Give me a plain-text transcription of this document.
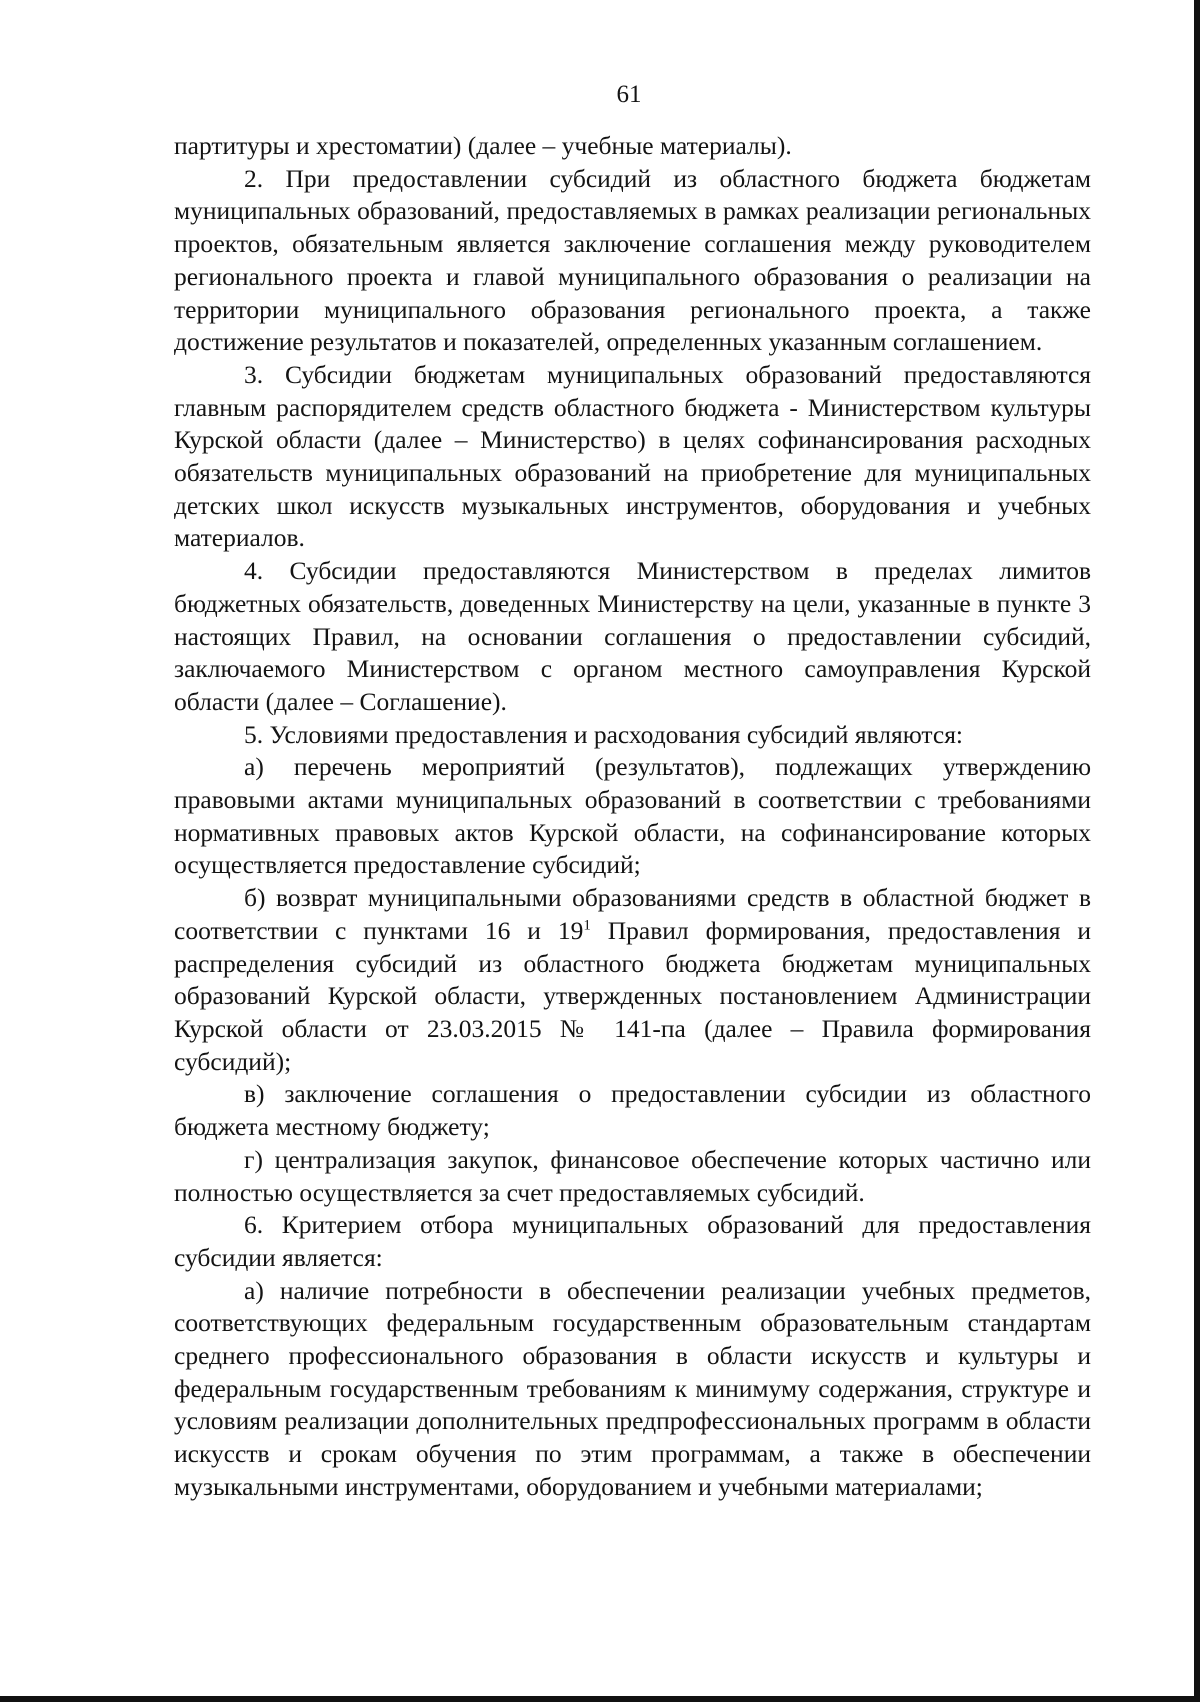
61

партитуры и хрестоматии) (далее – учебные материалы).

2. При предоставлении субсидий из областного бюджета бюджетам муниципальных образований, предоставляемых в рамках реализации региональных проектов, обязательным является заключение соглашения между руководителем регионального проекта и главой муниципального образования о реализации на территории муниципального образования регионального проекта, а также достижение результатов и показателей, определенных указанным соглашением.

3. Субсидии бюджетам муниципальных образований предоставляются главным распорядителем средств областного бюджета - Министерством культуры Курской области (далее – Министерство) в целях софинансирования расходных обязательств муниципальных образований на приобретение для муниципальных детских школ искусств музыкальных инструментов, оборудования и учебных материалов.

4. Субсидии предоставляются Министерством в пределах лимитов бюджетных обязательств, доведенных Министерству на цели, указанные в пункте 3 настоящих Правил, на основании соглашения о предоставлении субсидий, заключаемого Министерством с органом местного самоуправления Курской области (далее – Соглашение).

5. Условиями предоставления и расходования субсидий являются:

а) перечень мероприятий (результатов), подлежащих утверждению правовыми актами муниципальных образований в соответствии с требованиями нормативных правовых актов Курской области, на софинансирование которых осуществляется предоставление субсидий;

б) возврат муниципальными образованиями средств в областной бюджет в соответствии с пунктами 16 и $19^1$ Правил формирования, предоставления и распределения субсидий из областного бюджета бюджетам муниципальных образований Курской области, утвержденных постановлением Администрации Курской области от 23.03.2015 № 141-па (далее – Правила формирования субсидий);

в) заключение соглашения о предоставлении субсидии из областного бюджета местному бюджету;

г) централизация закупок, финансовое обеспечение которых частично или полностью осуществляется за счет предоставляемых субсидий.

6. Критерием отбора муниципальных образований для предоставления субсидии является:

а) наличие потребности в обеспечении реализации учебных предметов, соответствующих федеральным государственным образовательным стандартам среднего профессионального образования в области искусств и культуры и федеральным государственным требованиям к минимуму содержания, структуре и условиям реализации дополнительных предпрофессиональных программ в области искусств и срокам обучения по этим программам, а также в обеспечении музыкальными инструментами, оборудованием и учебными материалами;
